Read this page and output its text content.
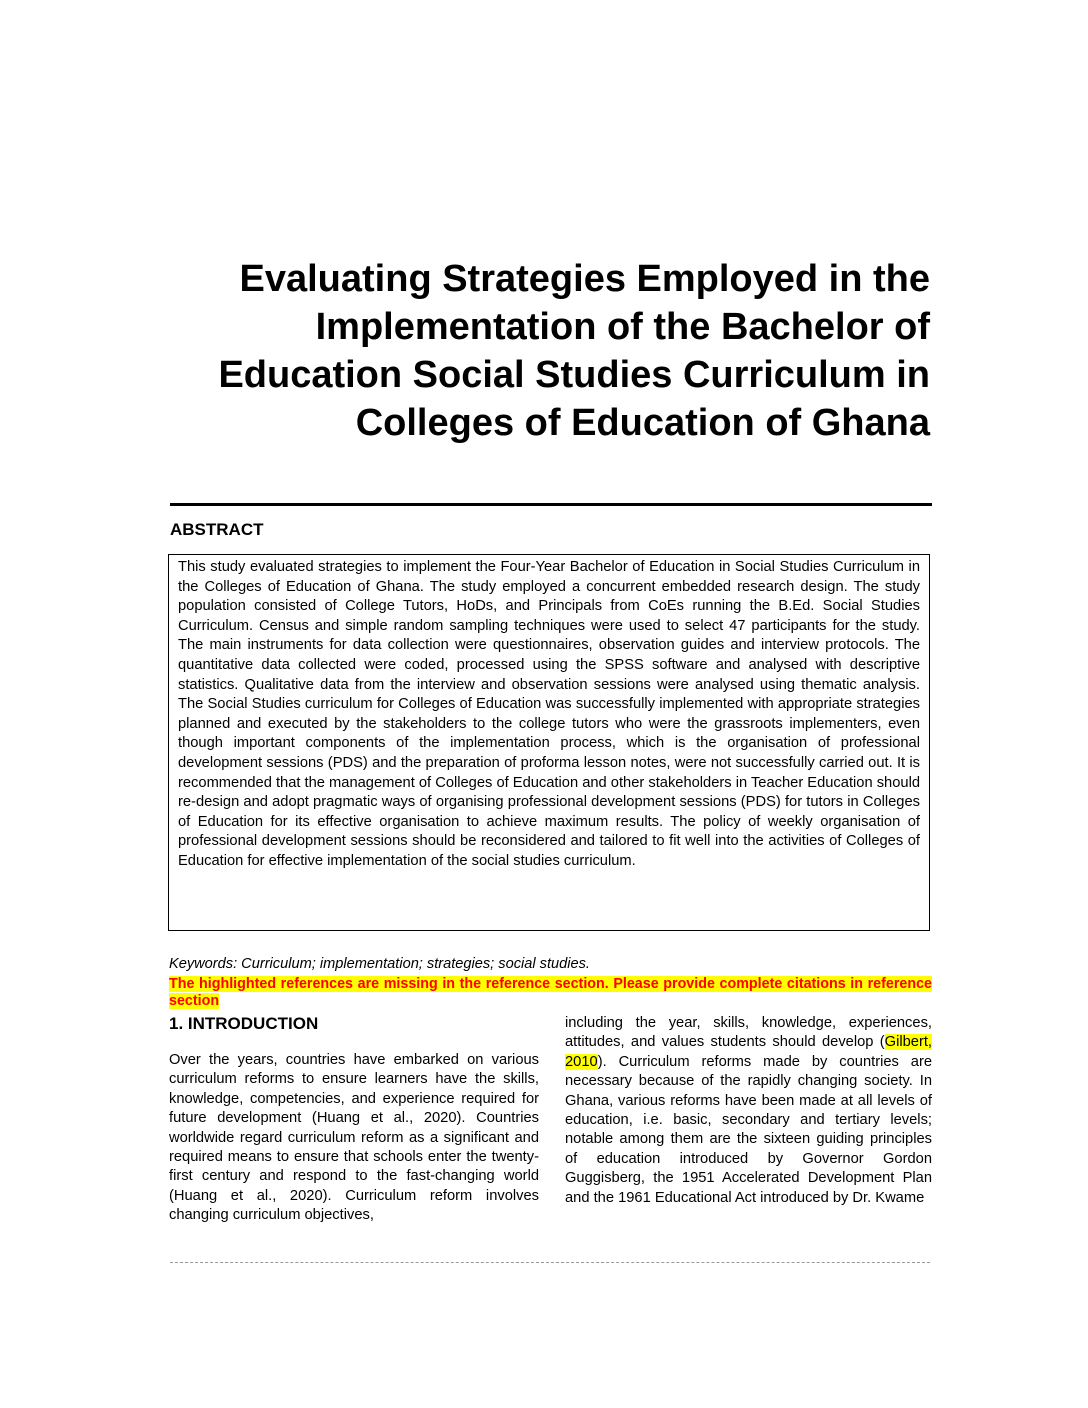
Evaluating Strategies Employed in the Implementation of the Bachelor of Education Social Studies Curriculum in Colleges of Education of Ghana
ABSTRACT

This study evaluated strategies to implement the Four-Year Bachelor of Education in Social Studies Curriculum in the Colleges of Education of Ghana. The study employed a concurrent embedded research design. The study population consisted of College Tutors, HoDs, and Principals from CoEs running the B.Ed. Social Studies Curriculum. Census and simple random sampling techniques were used to select 47 participants for the study. The main instruments for data collection were questionnaires, observation guides and interview protocols. The quantitative data collected were coded, processed using the SPSS software and analysed with descriptive statistics. Qualitative data from the interview and observation sessions were analysed using thematic analysis. The Social Studies curriculum for Colleges of Education was successfully implemented with appropriate strategies planned and executed by the stakeholders to the college tutors who were the grassroots implementers, even though important components of the implementation process, which is the organisation of professional development sessions (PDS) and the preparation of proforma lesson notes, were not successfully carried out. It is recommended that the management of Colleges of Education and other stakeholders in Teacher Education should re-design and adopt pragmatic ways of organising professional development sessions (PDS) for tutors in Colleges of Education for its effective organisation to achieve maximum results. The policy of weekly organisation of professional development sessions should be reconsidered and tailored to fit well into the activities of Colleges of Education for effective implementation of the social studies curriculum.

Keywords: Curriculum; implementation; strategies; social studies.

The highlighted references are missing in the reference section. Please provide complete citations in reference section

1. INTRODUCTION

Over the years, countries have embarked on various curriculum reforms to ensure learners have the skills, knowledge, competencies, and experience required for future development (Huang et al., 2020). Countries worldwide regard curriculum reform as a significant and required means to ensure that schools enter the twenty-first century and respond to the fast-changing world (Huang et al., 2020). Curriculum reform involves changing curriculum objectives,

including the year, skills, knowledge, experiences, attitudes, and values students should develop (Gilbert, 2010). Curriculum reforms made by countries are necessary because of the rapidly changing society. In Ghana, various reforms have been made at all levels of education, i.e. basic, secondary and tertiary levels; notable among them are the sixteen guiding principles of education introduced by Governor Gordon Guggisberg, the 1951 Accelerated Development Plan and the 1961 Educational Act introduced by Dr. Kwame
